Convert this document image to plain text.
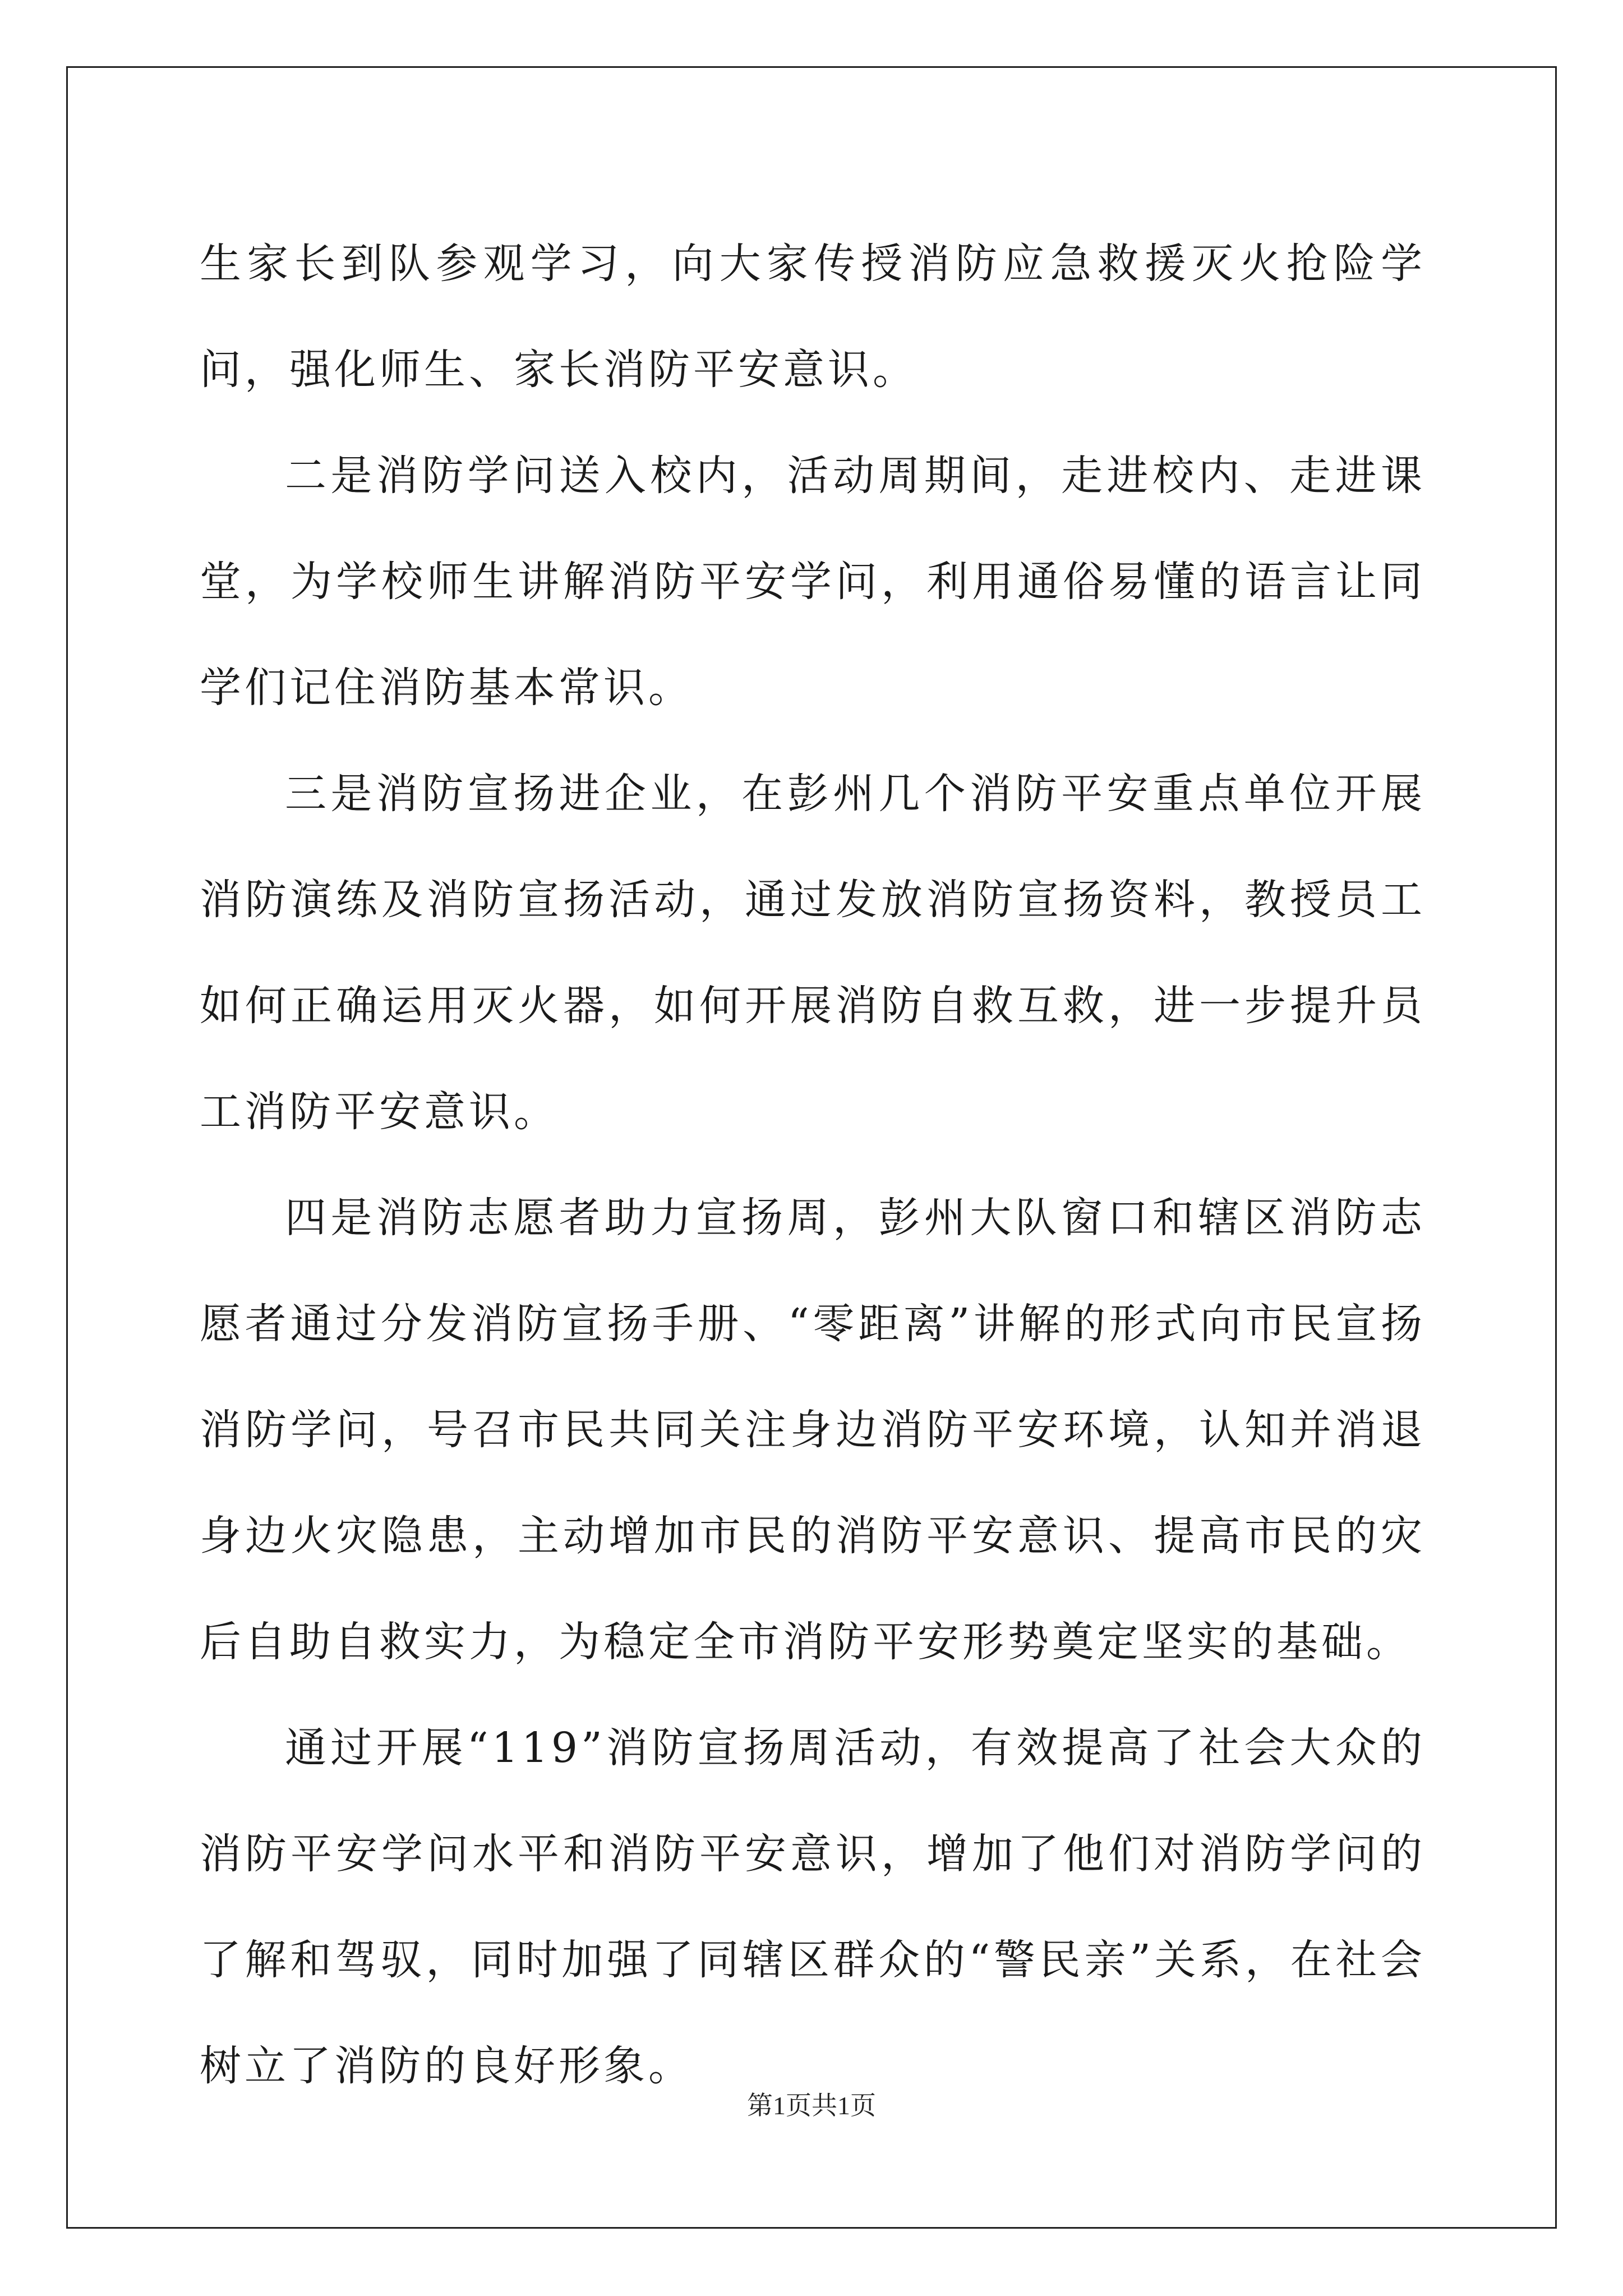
生家长到队参观学习，向大家传授消防应急救援灭火抢险学问，强化师生、家长消防平安意识。

二是消防学问送入校内，活动周期间，走进校内、走进课堂，为学校师生讲解消防平安学问，利用通俗易懂的语言让同学们记住消防基本常识。

三是消防宣扬进企业，在彭州几个消防平安重点单位开展消防演练及消防宣扬活动，通过发放消防宣扬资料，教授员工如何正确运用灭火器，如何开展消防自救互救，进一步提升员工消防平安意识。

四是消防志愿者助力宣扬周，彭州大队窗口和辖区消防志愿者通过分发消防宣扬手册、“零距离”讲解的形式向市民宣扬消防学问，号召市民共同关注身边消防平安环境，认知并消退身边火灾隐患，主动增加市民的消防平安意识、提高市民的灾后自助自救实力，为稳定全市消防平安形势奠定坚实的基础。

通过开展“119”消防宣扬周活动，有效提高了社会大众的消防平安学问水平和消防平安意识，增加了他们对消防学问的了解和驾驭，同时加强了同辖区群众的“警民亲”关系，在社会树立了消防的良好形象。

第1页共1页
